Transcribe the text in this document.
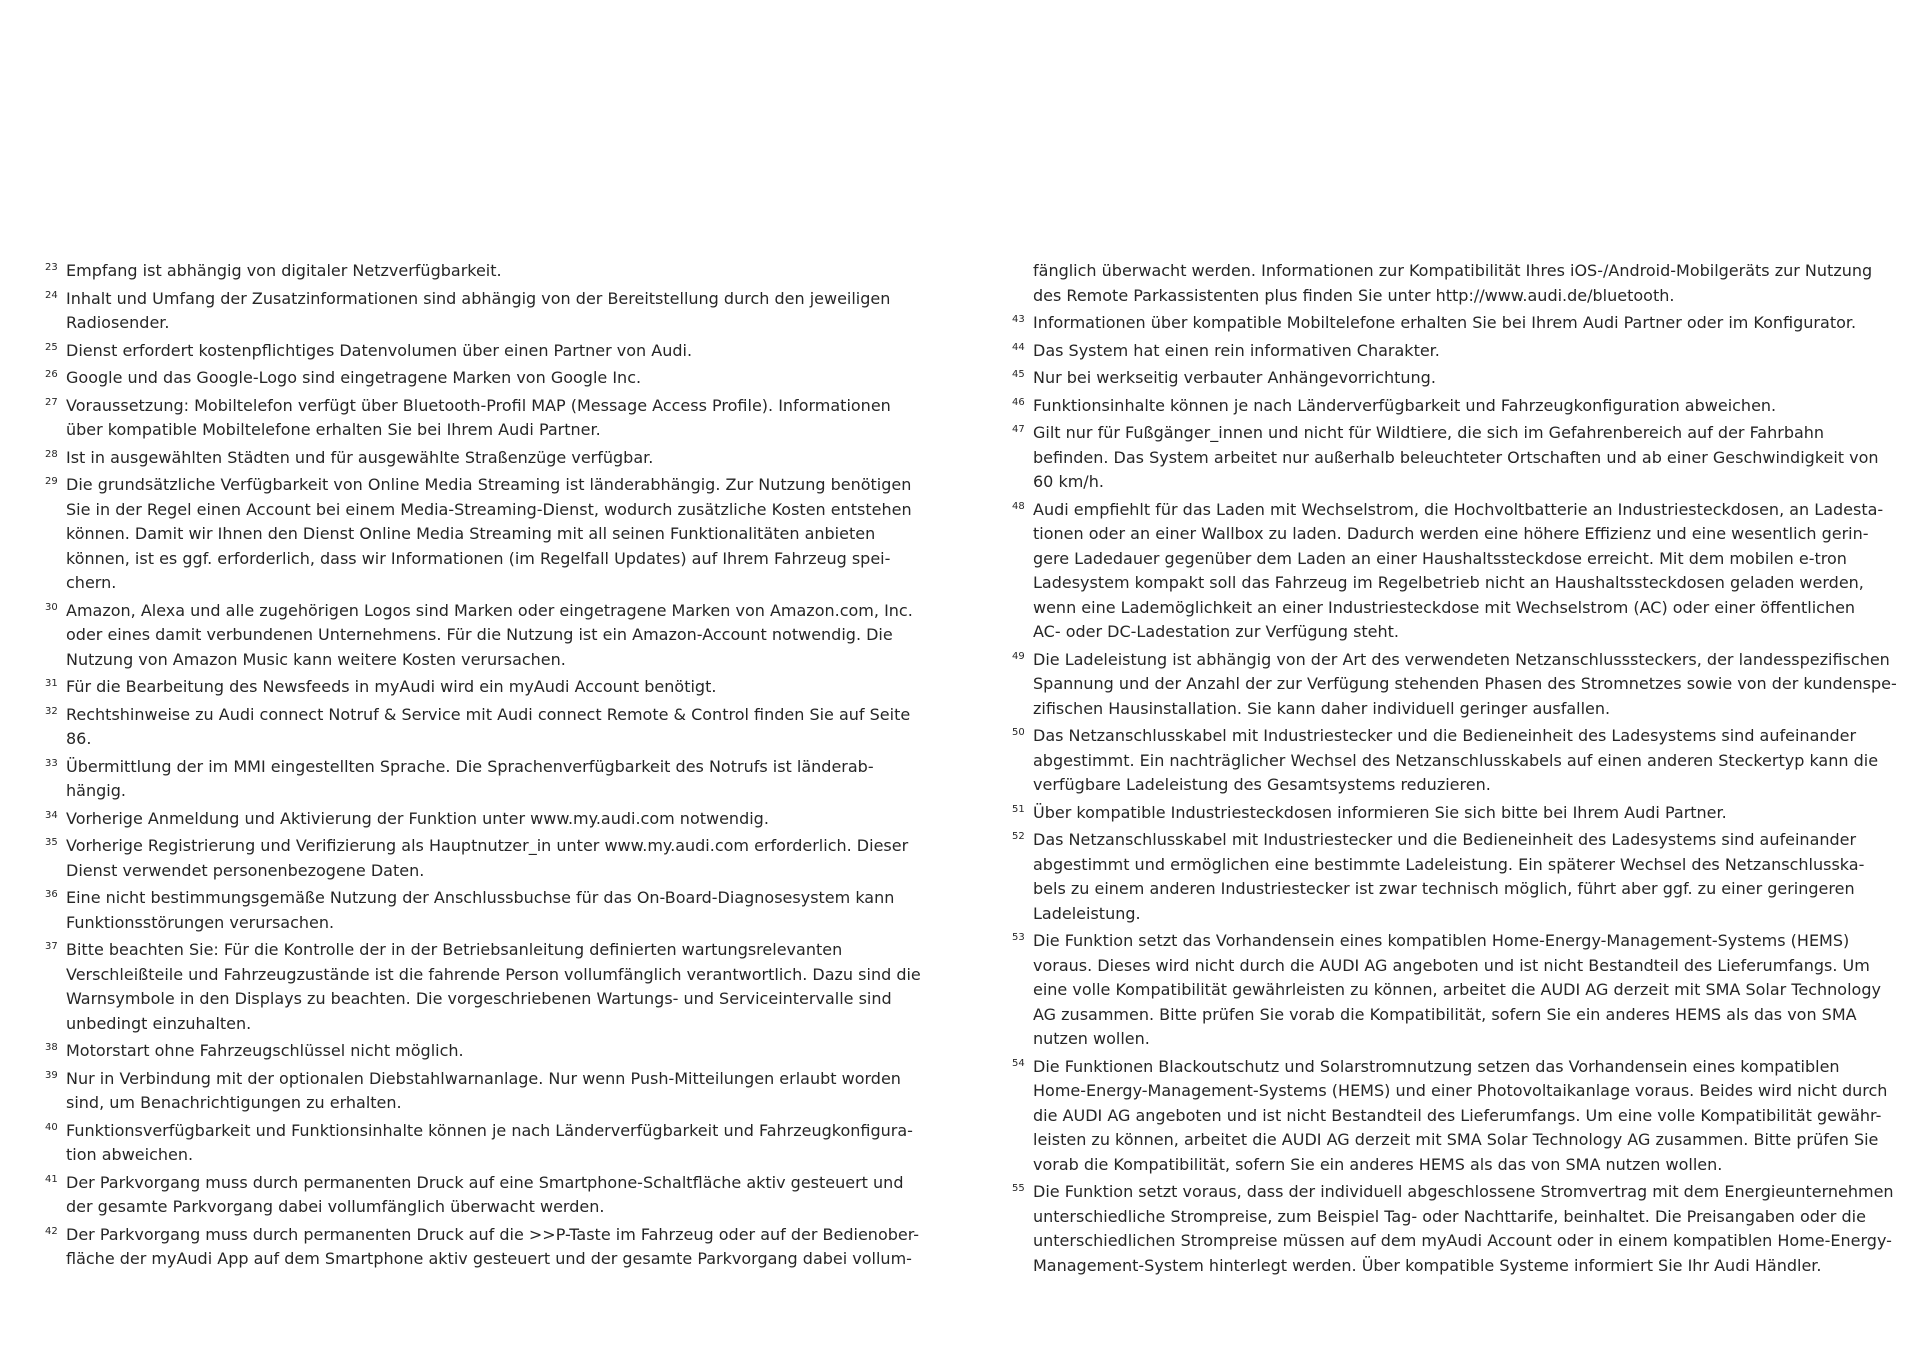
23 Empfang ist abhängig von digitaler Netzverfügbarkeit.
24 Inhalt und Umfang der Zusatzinformationen sind abhängig von der Bereitstellung durch den jeweiligen
Radiosender.
25 Dienst erfordert kostenpflichtiges Datenvolumen über einen Partner von Audi.
26 Google und das Google-Logo sind eingetragene Marken von Google Inc.
27 Voraussetzung: Mobiltelefon verfügt über Bluetooth-Profil MAP (Message Access Profile). Informationen
über kompatible Mobiltelefone erhalten Sie bei Ihrem Audi Partner.
28 Ist in ausgewählten Städten und für ausgewählte Straßenzüge verfügbar.
29 Die grundsätzliche Verfügbarkeit von Online Media Streaming ist länderabhängig. Zur Nutzung benötigen
Sie in der Regel einen Account bei einem Media-Streaming-Dienst, wodurch zusätzliche Kosten entstehen
können. Damit wir Ihnen den Dienst Online Media Streaming mit all seinen Funktionalitäten anbieten
können, ist es ggf. erforderlich, dass wir Informationen (im Regelfall Updates) auf Ihrem Fahrzeug spei-
chern.
30 Amazon, Alexa und alle zugehörigen Logos sind Marken oder eingetragene Marken von Amazon.com, Inc.
oder eines damit verbundenen Unternehmens. Für die Nutzung ist ein Amazon-Account notwendig. Die
Nutzung von Amazon Music kann weitere Kosten verursachen.
31 Für die Bearbeitung des Newsfeeds in myAudi wird ein myAudi Account benötigt.
32 Rechtshinweise zu Audi connect Notruf & Service mit Audi connect Remote & Control finden Sie auf Seite
86.
33 Übermittlung der im MMI eingestellten Sprache. Die Sprachenverfügbarkeit des Notrufs ist länderab-
hängig.
34 Vorherige Anmeldung und Aktivierung der Funktion unter www.my.audi.com notwendig.
35 Vorherige Registrierung und Verifizierung als Hauptnutzer_in unter www.my.audi.com erforderlich. Dieser
Dienst verwendet personenbezogene Daten.
36 Eine nicht bestimmungsgemäße Nutzung der Anschlussbuchse für das On-Board-Diagnosesystem kann
Funktionsstörungen verursachen.
37 Bitte beachten Sie: Für die Kontrolle der in der Betriebsanleitung definierten wartungsrelevanten
Verschleißteile und Fahrzeugzustände ist die fahrende Person vollumfänglich verantwortlich. Dazu sind die
Warnsymbole in den Displays zu beachten. Die vorgeschriebenen Wartungs- und Serviceintervalle sind
unbedingt einzuhalten.
38 Motorstart ohne Fahrzeugschlüssel nicht möglich.
39 Nur in Verbindung mit der optionalen Diebstahlwarnanlage. Nur wenn Push-Mitteilungen erlaubt worden
sind, um Benachrichtigungen zu erhalten.
40 Funktionsverfügbarkeit und Funktionsinhalte können je nach Länderverfügbarkeit und Fahrzeugkonfigura-
tion abweichen.
41 Der Parkvorgang muss durch permanenten Druck auf eine Smartphone-Schaltfläche aktiv gesteuert und
der gesamte Parkvorgang dabei vollumfänglich überwacht werden.
42 Der Parkvorgang muss durch permanenten Druck auf die >>P-Taste im Fahrzeug oder auf der Bedienober-
fläche der myAudi App auf dem Smartphone aktiv gesteuert und der gesamte Parkvorgang dabei vollum-
fänglich überwacht werden. Informationen zur Kompatibilität Ihres iOS-/Android-Mobilgeräts zur Nutzung
des Remote Parkassistenten plus finden Sie unter http://www.audi.de/bluetooth.
43 Informationen über kompatible Mobiltelefone erhalten Sie bei Ihrem Audi Partner oder im Konfigurator.
44 Das System hat einen rein informativen Charakter.
45 Nur bei werkseitig verbauter Anhängevorrichtung.
46 Funktionsinhalte können je nach Länderverfügbarkeit und Fahrzeugkonfiguration abweichen.
47 Gilt nur für Fußgänger_innen und nicht für Wildtiere, die sich im Gefahrenbereich auf der Fahrbahn
befinden. Das System arbeitet nur außerhalb beleuchteter Ortschaften und ab einer Geschwindigkeit von
60 km/h.
48 Audi empfiehlt für das Laden mit Wechselstrom, die Hochvoltbatterie an Industriesteckdosen, an Ladesta-
tionen oder an einer Wallbox zu laden. Dadurch werden eine höhere Effizienz und eine wesentlich gerin-
gere Ladedauer gegenüber dem Laden an einer Haushaltssteckdose erreicht. Mit dem mobilen e-tron
Ladesystem kompakt soll das Fahrzeug im Regelbetrieb nicht an Haushaltssteckdosen geladen werden,
wenn eine Lademöglichkeit an einer Industriesteckdose mit Wechselstrom (AC) oder einer öffentlichen
AC- oder DC-Ladestation zur Verfügung steht.
49 Die Ladeleistung ist abhängig von der Art des verwendeten Netzanschlusssteckers, der landesspezifischen
Spannung und der Anzahl der zur Verfügung stehenden Phasen des Stromnetzes sowie von der kundenspe-
zifischen Hausinstallation. Sie kann daher individuell geringer ausfallen.
50 Das Netzanschlusskabel mit Industriestecker und die Bedieneinheit des Ladesystems sind aufeinander
abgestimmt. Ein nachträglicher Wechsel des Netzanschlusskabels auf einen anderen Steckertyp kann die
verfügbare Ladeleistung des Gesamtsystems reduzieren.
51 Über kompatible Industriesteckdosen informieren Sie sich bitte bei Ihrem Audi Partner.
52 Das Netzanschlusskabel mit Industriestecker und die Bedieneinheit des Ladesystems sind aufeinander
abgestimmt und ermöglichen eine bestimmte Ladeleistung. Ein späterer Wechsel des Netzanschlusska-
bels zu einem anderen Industriestecker ist zwar technisch möglich, führt aber ggf. zu einer geringeren
Ladeleistung.
53 Die Funktion setzt das Vorhandensein eines kompatiblen Home-Energy-Management-Systems (HEMS)
voraus. Dieses wird nicht durch die AUDI AG angeboten und ist nicht Bestandteil des Lieferumfangs. Um
eine volle Kompatibilität gewährleisten zu können, arbeitet die AUDI AG derzeit mit SMA Solar Technology
AG zusammen. Bitte prüfen Sie vorab die Kompatibilität, sofern Sie ein anderes HEMS als das von SMA
nutzen wollen.
54 Die Funktionen Blackoutschutz und Solarstromnutzung setzen das Vorhandensein eines kompatiblen
Home-Energy-Management-Systems (HEMS) und einer Photovoltaikanlage voraus. Beides wird nicht durch
die AUDI AG angeboten und ist nicht Bestandteil des Lieferumfangs. Um eine volle Kompatibilität gewähr-
leisten zu können, arbeitet die AUDI AG derzeit mit SMA Solar Technology AG zusammen. Bitte prüfen Sie
vorab die Kompatibilität, sofern Sie ein anderes HEMS als das von SMA nutzen wollen.
55 Die Funktion setzt voraus, dass der individuell abgeschlossene Stromvertrag mit dem Energieunternehmen
unterschiedliche Strompreise, zum Beispiel Tag- oder Nachttarife, beinhaltet. Die Preisangaben oder die
unterschiedlichen Strompreise müssen auf dem myAudi Account oder in einem kompatiblen Home-Energy-
Management-System hinterlegt werden. Über kompatible Systeme informiert Sie Ihr Audi Händler.
